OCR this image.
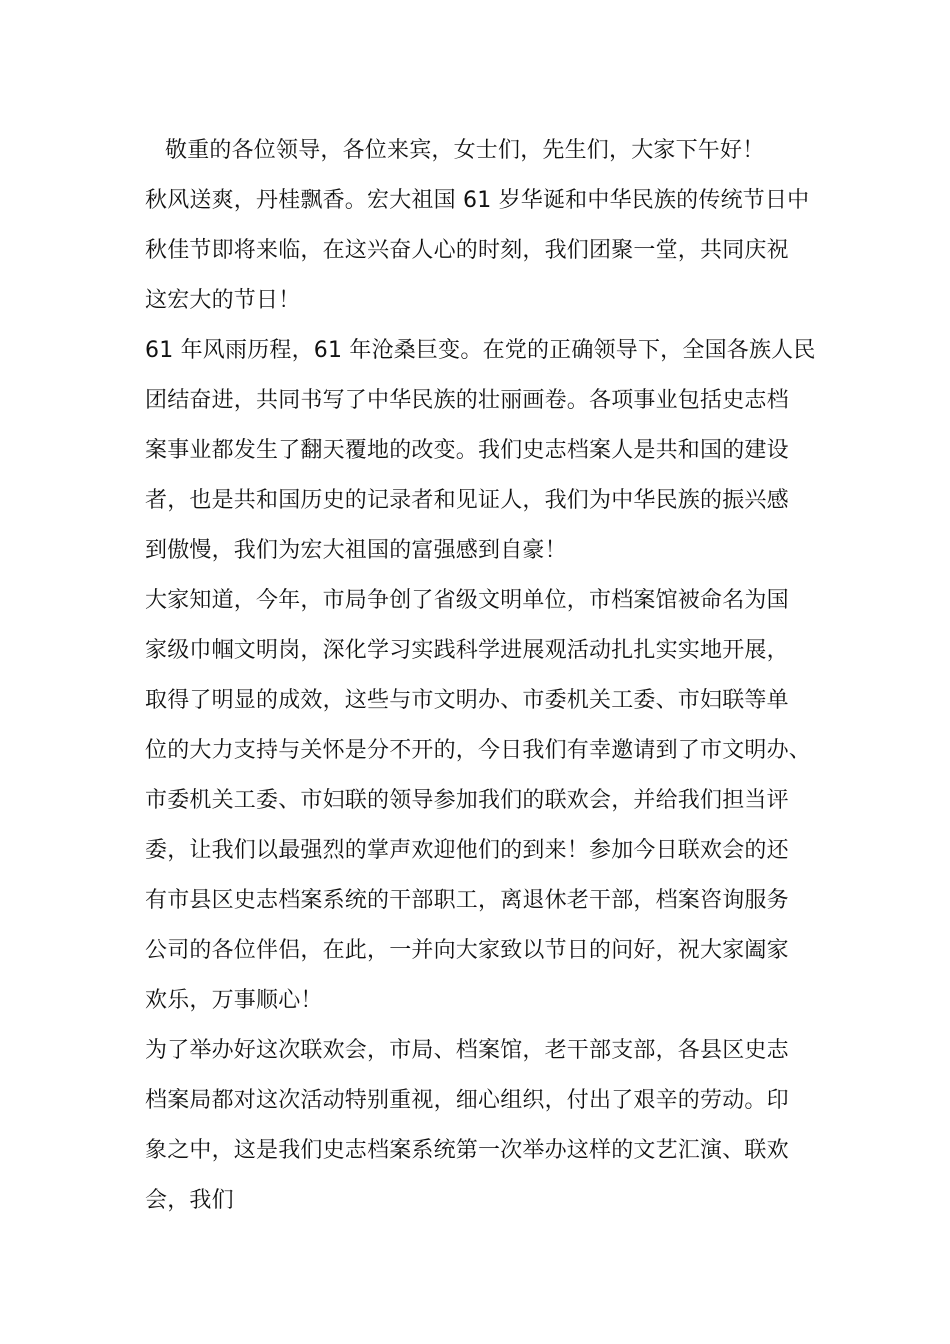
敬重的各位领导，各位来宾，女士们，先生们，大家下午好！
秋风送爽，丹桂飘香。宏大祖国 61 岁华诞和中华民族的传统节日中
秋佳节即将来临，在这兴奋人心的时刻，我们团聚一堂，共同庆祝
这宏大的节日！
61 年风雨历程，61 年沧桑巨变。在党的正确领导下，全国各族人民
团结奋进，共同书写了中华民族的壮丽画卷。各项事业包括史志档
案事业都发生了翻天覆地的改变。我们史志档案人是共和国的建设
者，也是共和国历史的记录者和见证人，我们为中华民族的振兴感
到傲慢，我们为宏大祖国的富强感到自豪！
大家知道，今年，市局争创了省级文明单位，市档案馆被命名为国
家级巾帼文明岗，深化学习实践科学进展观活动扎扎实实地开展，
取得了明显的成效，这些与市文明办、市委机关工委、市妇联等单
位的大力支持与关怀是分不开的，今日我们有幸邀请到了市文明办、
市委机关工委、市妇联的领导参加我们的联欢会，并给我们担当评
委，让我们以最强烈的掌声欢迎他们的到来！参加今日联欢会的还
有市县区史志档案系统的干部职工，离退休老干部，档案咨询服务
公司的各位伴侣，在此，一并向大家致以节日的问好，祝大家阖家
欢乐，万事顺心！
为了举办好这次联欢会，市局、档案馆，老干部支部，各县区史志
档案局都对这次活动特别重视，细心组织，付出了艰辛的劳动。印
象之中，这是我们史志档案系统第一次举办这样的文艺汇演、联欢
会，我们
